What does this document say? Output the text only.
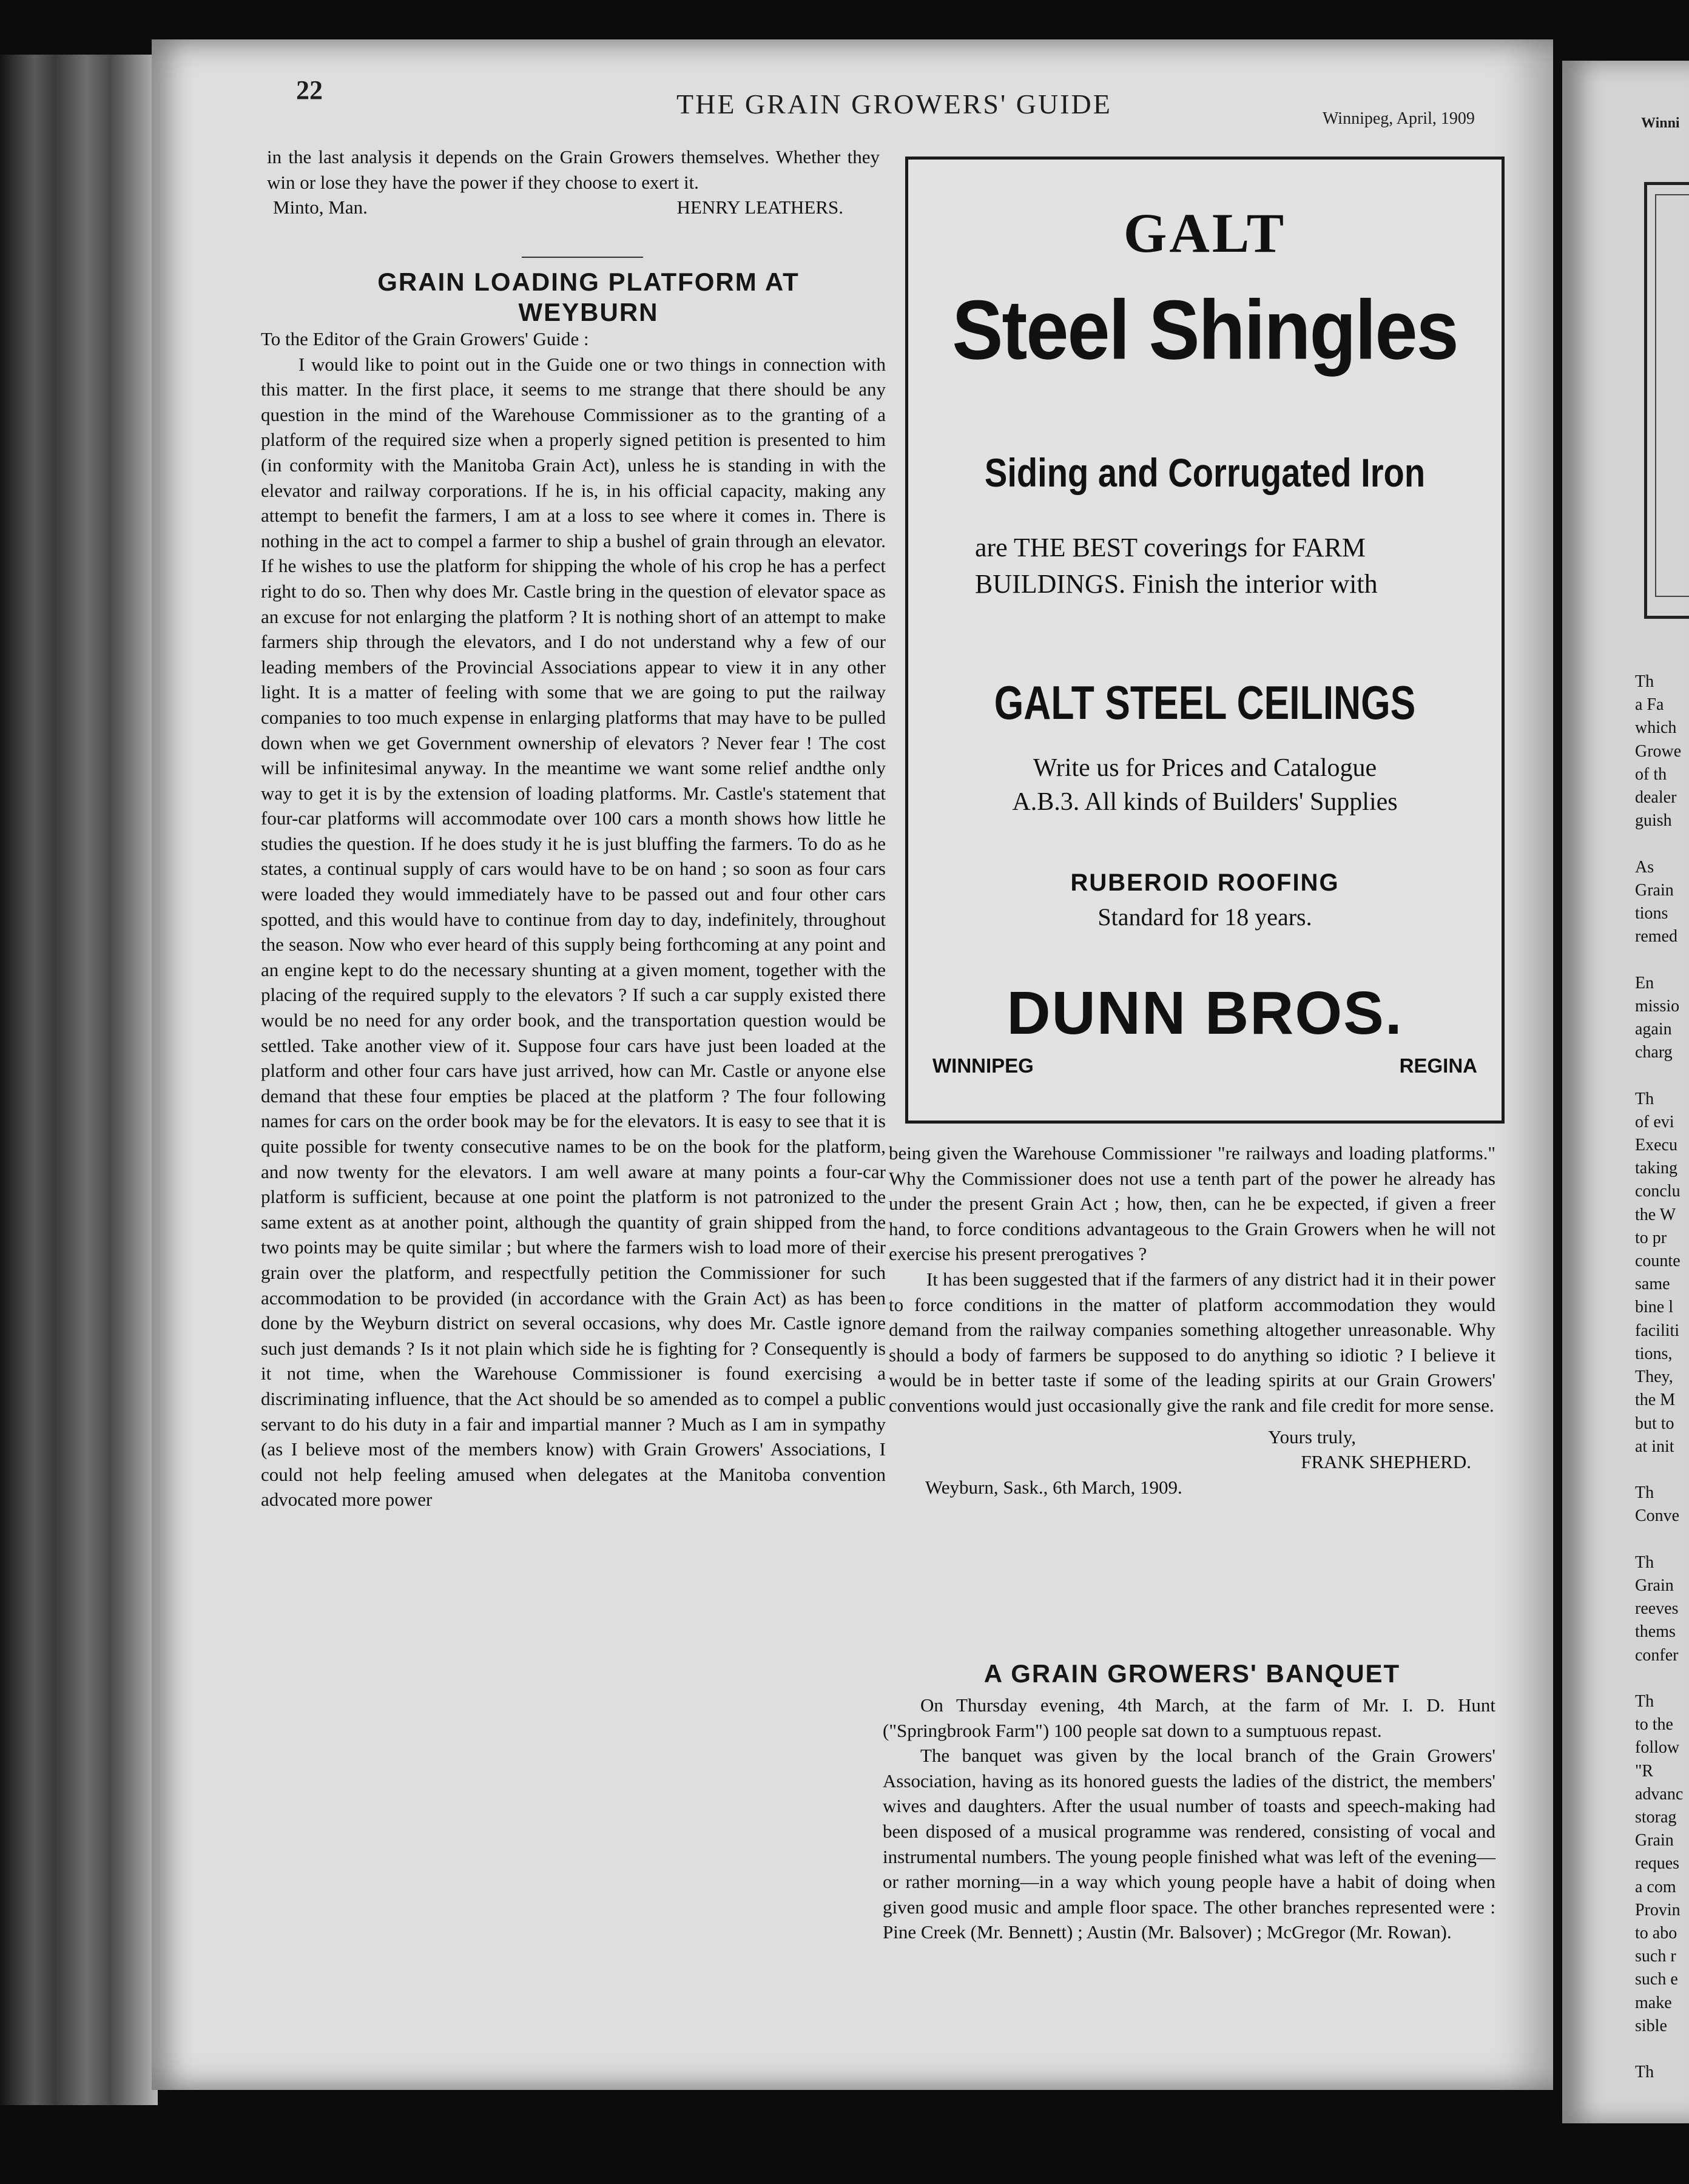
22	THE GRAIN GROWERS' GUIDE	Winnipeg, April, 1909	Winni

in the last analysis it depends on the Grain Growers themselves. Whether they win or lose they have the power if they choose to exert it.

Minto, Man.	HENRY LEATHERS.
GRAIN LOADING PLATFORM AT
WEYBURN

To the Editor of the Grain Growers' Guide :

I would like to point out in the Guide one or two things in connection with this matter. In the first place, it seems to me strange that there should be any question in the mind of the Warehouse Commissioner as to the granting of a platform of the required size when a properly signed petition is presented to him (in conformity with the Manitoba Grain Act), unless he is standing in with the elevator and railway corporations. If he is, in his official capacity, making any attempt to benefit the farmers, I am at a loss to see where it comes in. There is nothing in the act to compel a farmer to ship a bushel of grain through an elevator. If he wishes to use the platform for shipping the whole of his crop he has a perfect right to do so. Then why does Mr. Castle bring in the question of elevator space as an excuse for not enlarging the platform ? It is nothing short of an attempt to make farmers ship through the elevators, and I do not understand why a few of our leading members of the Provincial Associations appear to view it in any other light. It is a matter of feeling with some that we are going to put the railway companies to too much expense in enlarging platforms that may have to be pulled down when we get Government ownership of elevators ? Never fear ! The cost will be infinitesimal anyway. In the meantime we want some relief andthe only way to get it is by the extension of loading platforms. Mr. Castle's statement that four-car platforms will accommodate over 100 cars a month shows how little he studies the question. If he does study it he is just bluffing the farmers. To do as he states, a continual supply of cars would have to be on hand ; so soon as four cars were loaded they would immediately have to be passed out and four other cars spotted, and this would have to continue from day to day, indefinitely, throughout the season. Now who ever heard of this supply being forthcoming at any point and an engine kept to do the necessary shunting at a given moment, together with the placing of the required supply to the elevators ? If such a car supply existed there would be no need for any order book, and the transportation question would be settled. Take another view of it. Suppose four cars have just been loaded at the platform and other four cars have just arrived, how can Mr. Castle or anyone else demand that these four empties be placed at the platform ? The four following names for cars on the order book may be for the elevators. It is easy to see that it is quite possible for twenty consecutive names to be on the book for the platform, and now twenty for the elevators. I am well aware at many points a four-car platform is sufficient, because at one point the platform is not patronized to the same extent as at another point, although the quantity of grain shipped from the two points may be quite similar ; but where the farmers wish to load more of their grain over the platform, and respectfully petition the Commissioner for such accommodation to be provided (in accordance with the Grain Act) as has been done by the Weyburn district on several occasions, why does Mr. Castle ignore such just demands ? Is it not plain which side he is fighting for ? Consequently is it not time, when the Warehouse Commissioner is found exercising a discriminating influence, that the Act should be so amended as to compel a public servant to do his duty in a fair and impartial manner ? Much as I am in sympathy (as I believe most of the members know) with Grain Growers' Associations, I could not help feeling amused when delegates at the Manitoba convention advocated more power

GALT
Steel Shingles
Siding and Corrugated Iron
are THE BEST coverings for FARM BUILDINGS. Finish the interior with
GALT STEEL CEILINGS
Write us for Prices and Catalogue
A.B.3. All kinds of Builders' Supplies
RUBEROID ROOFING
Standard for 18 years.
DUNN BROS.
WINNIPEG	REGINA

being given the Warehouse Commissioner "re railways and loading platforms." Why the Commissioner does not use a tenth part of the power he already has under the present Grain Act ; how, then, can he be expected, if given a freer hand, to force conditions advantageous to the Grain Growers when he will not exercise his present prerogatives ?

It has been suggested that if the farmers of any district had it in their power to force conditions in the matter of platform accommodation they would demand from the railway companies something altogether unreasonable. Why should a body of farmers be supposed to do anything so idiotic ? I believe it would be in better taste if some of the leading spirits at our Grain Growers' conventions would just occasionally give the rank and file credit for more sense.

Yours truly,
FRANK SHEPHERD.
Weyburn, Sask., 6th March, 1909.
A GRAIN GROWERS' BANQUET

On Thursday evening, 4th March, at the farm of Mr. I. D. Hunt ("Springbrook Farm") 100 people sat down to a sumptuous repast.

The banquet was given by the local branch of the Grain Growers' Association, having as its honored guests the ladies of the district, the members' wives and daughters. After the usual number of toasts and speech-making had been disposed of a musical programme was rendered, consisting of vocal and instrumental numbers. The young people finished what was left of the evening—or rather morning—in a way which young people have a habit of doing when given good music and ample floor space. The other branches represented were : Pine Creek (Mr. Bennett) ; Austin (Mr. Balsover) ; McGregor (Mr. Rowan).

Th
a Fa
which
Growe
of th
dealer
guish

As
Grain
tions
remed

En
missio
again
charg

Th
of evi
Execu
taking
conclu
the W
to pr
counte
same
bine l
faciliti
tions,
They,
the M
but to
at init

Th
Conve

Th
Grain
reeves
thems
confer

Th
to the
follow
"R
advanc
storag
Grain
reques
a com
Provin
to abo
such r
such e
make
sible

Th
